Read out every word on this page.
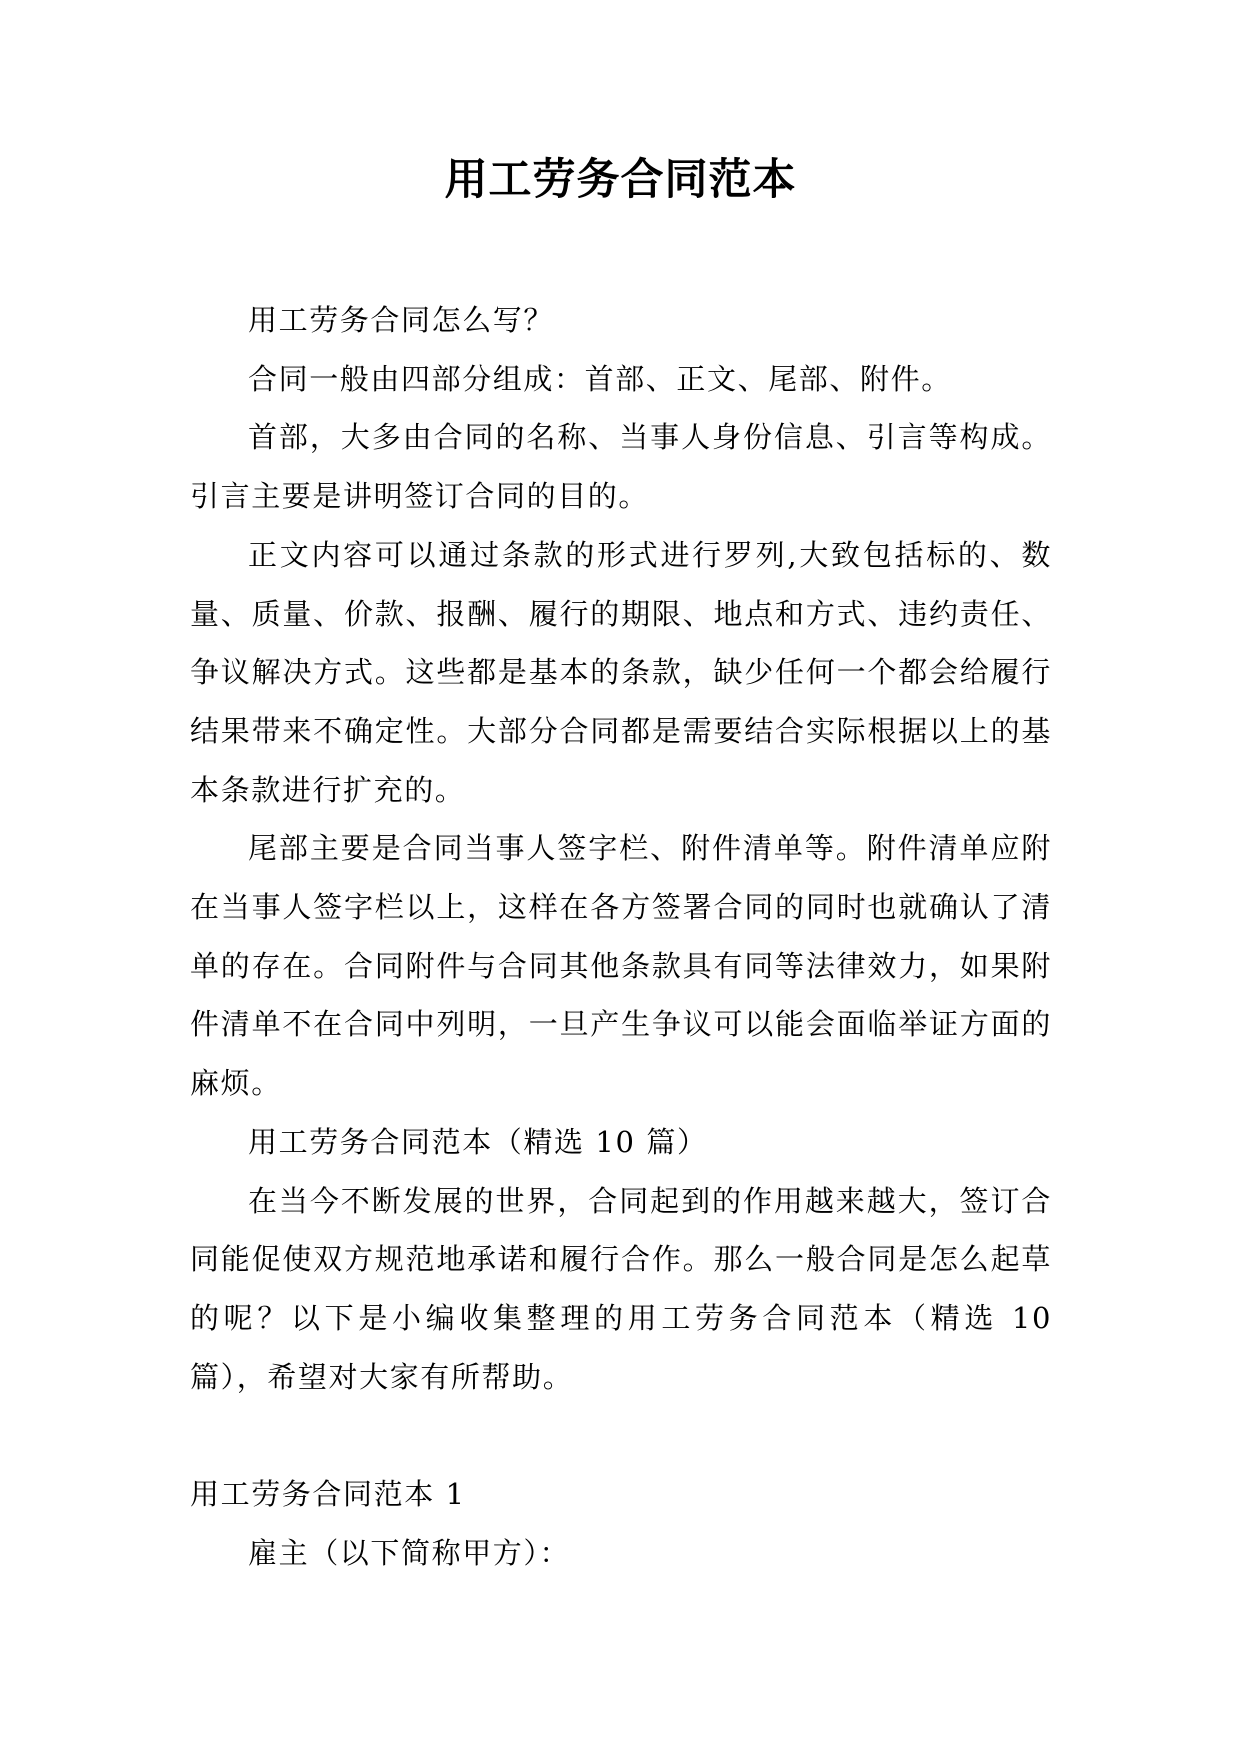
用工劳务合同范本

用工劳务合同怎么写？

合同一般由四部分组成：首部、正文、尾部、附件。

首部，大多由合同的名称、当事人身份信息、引言等构成。引言主要是讲明签订合同的目的。

正文内容可以通过条款的形式进行罗列,大致包括标的、数量、质量、价款、报酬、履行的期限、地点和方式、违约责任、争议解决方式。这些都是基本的条款，缺少任何一个都会给履行结果带来不确定性。大部分合同都是需要结合实际根据以上的基本条款进行扩充的。

尾部主要是合同当事人签字栏、附件清单等。附件清单应附在当事人签字栏以上，这样在各方签署合同的同时也就确认了清单的存在。合同附件与合同其他条款具有同等法律效力，如果附件清单不在合同中列明，一旦产生争议可以能会面临举证方面的麻烦。

用工劳务合同范本（精选 10 篇）

在当今不断发展的世界，合同起到的作用越来越大，签订合同能促使双方规范地承诺和履行合作。那么一般合同是怎么起草的呢？以下是小编收集整理的用工劳务合同范本（精选 10 篇），希望对大家有所帮助。

用工劳务合同范本 1

雇主（以下简称甲方）：
